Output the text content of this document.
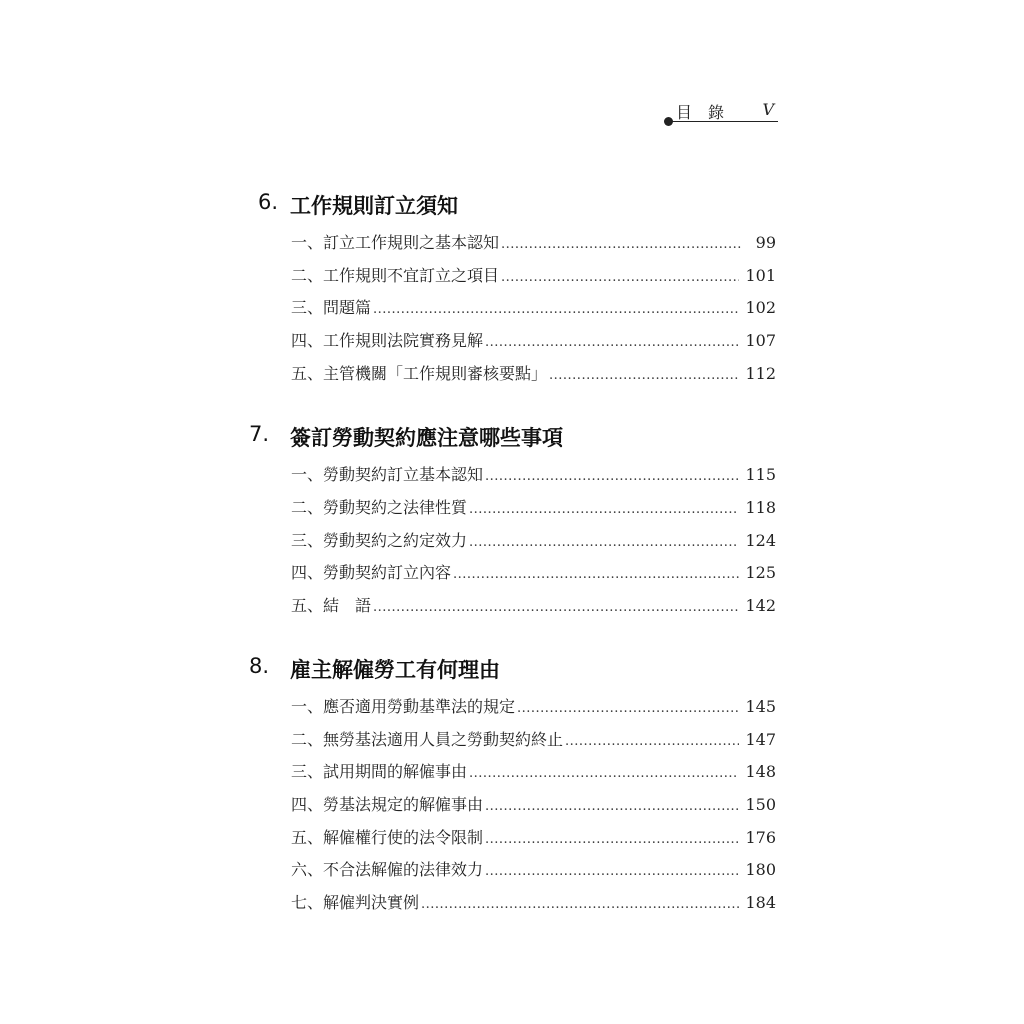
目錄 V
6. 工作規則訂立須知
一、訂立工作規則之基本認知 .....	99
二、工作規則不宜訂立之項目 .....	101
三、問題篇 .....	102
四、工作規則法院實務見解 .....	107
五、主管機關「工作規則審核要點」 .....	112
7. 簽訂勞動契約應注意哪些事項
一、勞動契約訂立基本認知 .....	115
二、勞動契約之法律性質 .....	118
三、勞動契約之約定效力 .....	124
四、勞動契約訂立內容 .....	125
五、結　語 .....	142
8. 雇主解僱勞工有何理由
一、應否適用勞動基準法的規定 .....	145
二、無勞基法適用人員之勞動契約終止 .....	147
三、試用期間的解僱事由 .....	148
四、勞基法規定的解僱事由 .....	150
五、解僱權行使的法令限制 .....	176
六、不合法解僱的法律效力 .....	180
七、解僱判決實例 .....	184
